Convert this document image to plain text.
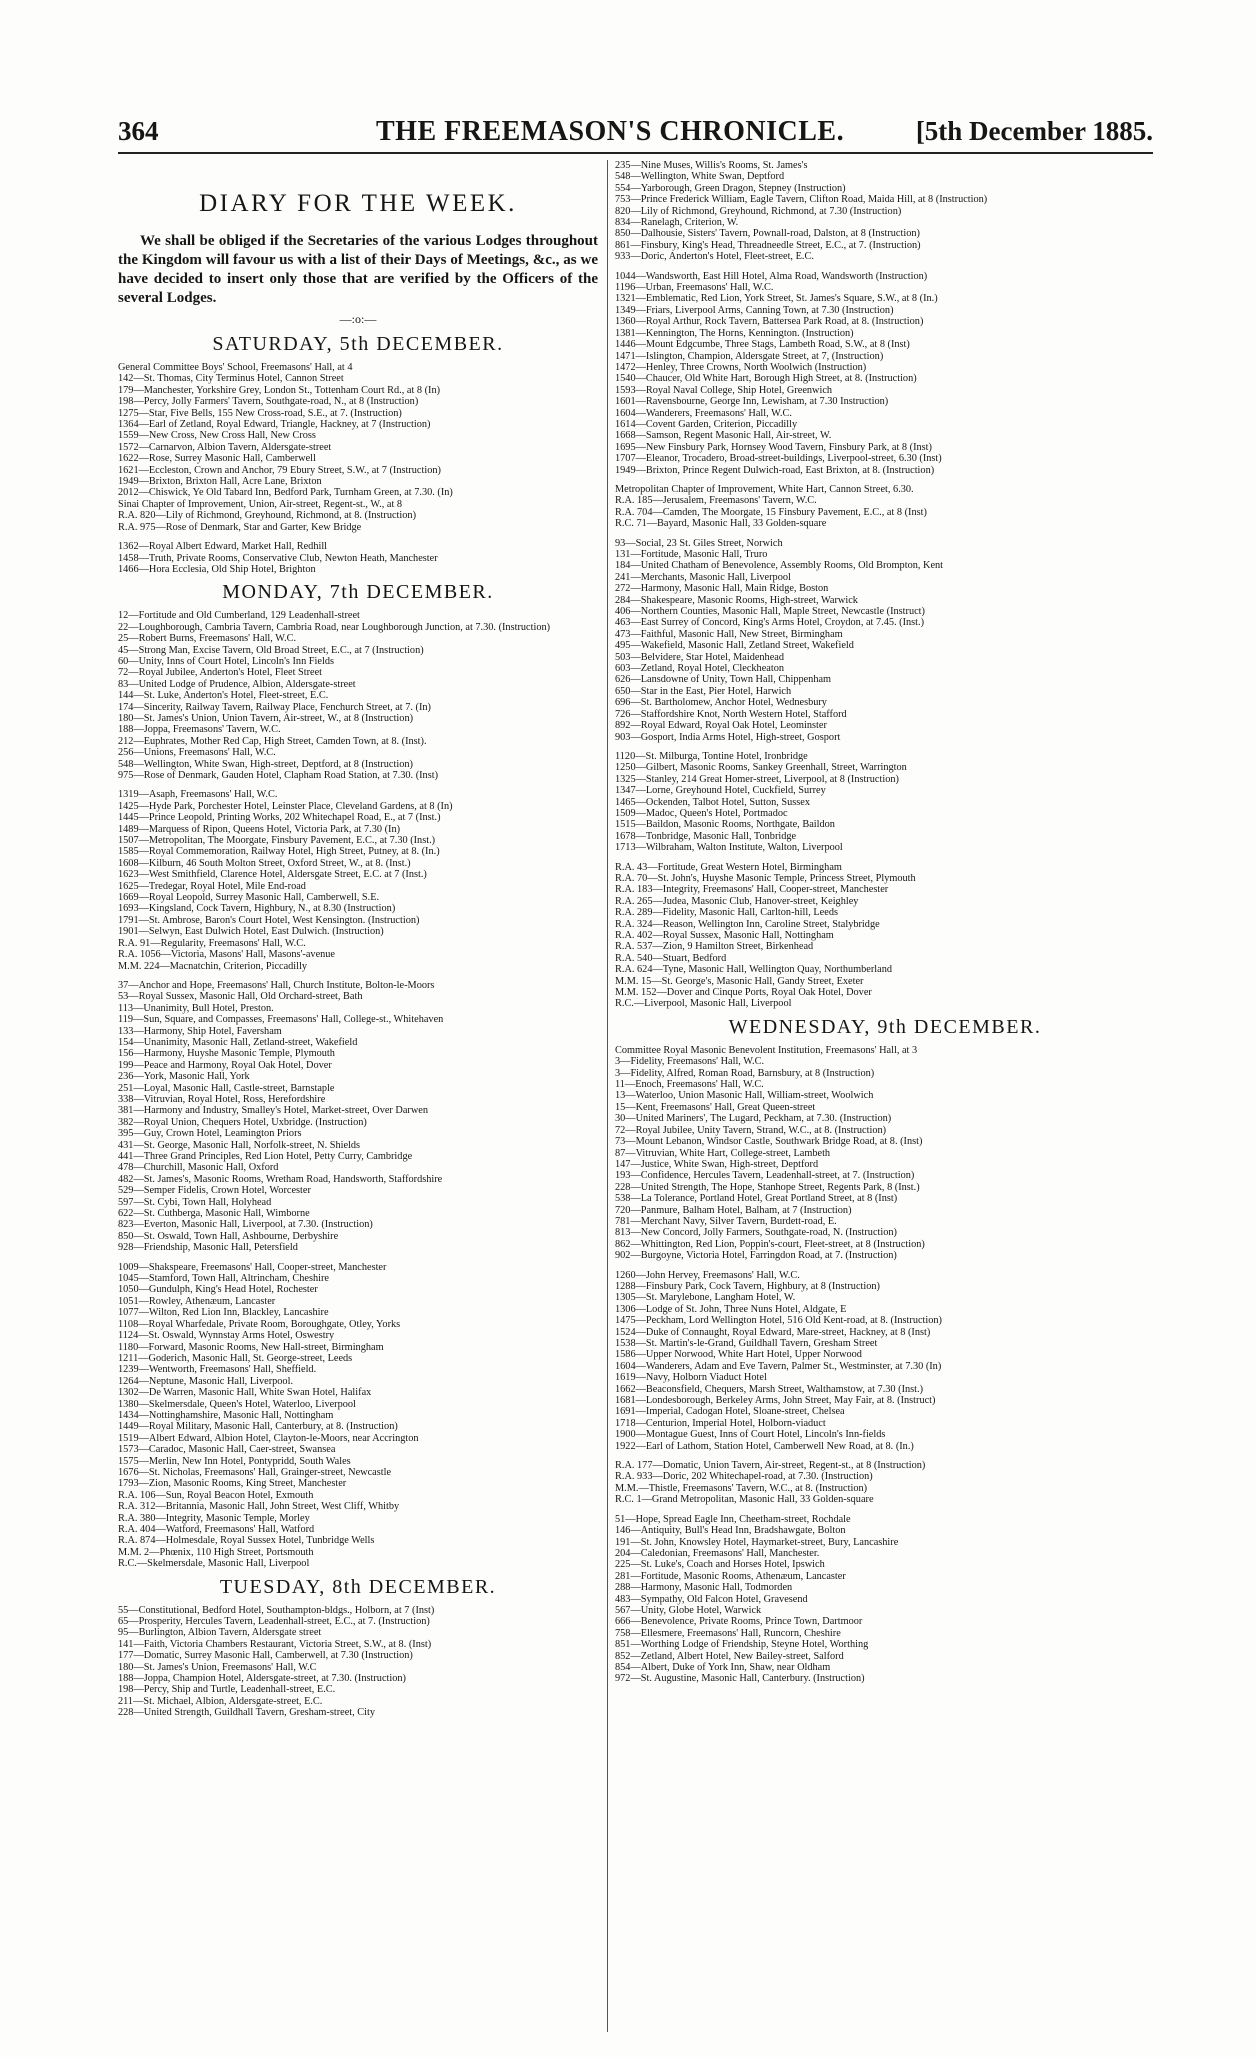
364	THE FREEMASON'S CHRONICLE.	[5th December 1885.
DIARY FOR THE WEEK.

We shall be obliged if the Secretaries of the various Lodges throughout the Kingdom will favour us with a list of their Days of Meetings, &c., as we have decided to insert only those that are verified by the Officers of the several Lodges.

—:o:—
SATURDAY, 5th DECEMBER.

General Committee Boys' School, Freemasons' Hall, at 4

142—St. Thomas, City Terminus Hotel, Cannon Street

179—Manchester, Yorkshire Grey, London St., Tottenham Court Rd., at 8 (In)

198—Percy, Jolly Farmers' Tavern, Southgate-road, N., at 8 (Instruction)

1275—Star, Five Bells, 155 New Cross-road, S.E., at 7. (Instruction)

1364—Earl of Zetland, Royal Edward, Triangle, Hackney, at 7 (Instruction)

1559—New Cross, New Cross Hall, New Cross

1572—Carnarvon, Albion Tavern, Aldersgate-street

1622—Rose, Surrey Masonic Hall, Camberwell

1621—Eccleston, Crown and Anchor, 79 Ebury Street, S.W., at 7 (Instruction)

1949—Brixton, Brixton Hall, Acre Lane, Brixton

2012—Chiswick, Ye Old Tabard Inn, Bedford Park, Turnham Green, at 7.30. (In)

Sinai Chapter of Improvement, Union, Air-street, Regent-st., W., at 8

R.A. 820—Lily of Richmond, Greyhound, Richmond, at 8. (Instruction)

R.A. 975—Rose of Denmark, Star and Garter, Kew Bridge

1362—Royal Albert Edward, Market Hall, Redhill

1458—Truth, Private Rooms, Conservative Club, Newton Heath, Manchester

1466—Hora Ecclesia, Old Ship Hotel, Brighton

MONDAY, 7th DECEMBER.

12—Fortitude and Old Cumberland, 129 Leadenhall-street

22—Loughborough, Cambria Tavern, Cambria Road, near Loughborough Junction, at 7.30. (Instruction)

25—Robert Burns, Freemasons' Hall, W.C.

45—Strong Man, Excise Tavern, Old Broad Street, E.C., at 7 (Instruction)

60—Unity, Inns of Court Hotel, Lincoln's Inn Fields

72—Royal Jubilee, Anderton's Hotel, Fleet Street

83—United Lodge of Prudence, Albion, Aldersgate-street

144—St. Luke, Anderton's Hotel, Fleet-street, E.C.

174—Sincerity, Railway Tavern, Railway Place, Fenchurch Street, at 7. (In)

180—St. James's Union, Union Tavern, Air-street, W., at 8 (Instruction)

188—Joppa, Freemasons' Tavern, W.C.

212—Euphrates, Mother Red Cap, High Street, Camden Town, at 8. (Inst).

256—Unions, Freemasons' Hall, W.C.

548—Wellington, White Swan, High-street, Deptford, at 8 (Instruction)

975—Rose of Denmark, Gauden Hotel, Clapham Road Station, at 7.30. (Inst)

1319—Asaph, Freemasons' Hall, W.C.

1425—Hyde Park, Porchester Hotel, Leinster Place, Cleveland Gardens, at 8 (In)

1445—Prince Leopold, Printing Works, 202 Whitechapel Road, E., at 7 (Inst.)

1489—Marquess of Ripon, Queens Hotel, Victoria Park, at 7.30 (In)

1507—Metropolitan, The Moorgate, Finsbury Pavement, E.C., at 7.30 (Inst.)

1585—Royal Commemoration, Railway Hotel, High Street, Putney, at 8. (In.)

1608—Kilburn, 46 South Molton Street, Oxford Street, W., at 8. (Inst.)

1623—West Smithfield, Clarence Hotel, Aldersgate Street, E.C. at 7 (Inst.)

1625—Tredegar, Royal Hotel, Mile End-road

1669—Royal Leopold, Surrey Masonic Hall, Camberwell, S.E.

1693—Kingsland, Cock Tavern, Highbury, N., at 8.30 (Instruction)

1791—St. Ambrose, Baron's Court Hotel, West Kensington. (Instruction)

1901—Selwyn, East Dulwich Hotel, East Dulwich. (Instruction)

R.A. 91—Regularity, Freemasons' Hall, W.C.

R.A. 1056—Victoria, Masons' Hall, Masons'-avenue

M.M. 224—Macnatchin, Criterion, Piccadilly

37—Anchor and Hope, Freemasons' Hall, Church Institute, Bolton-le-Moors

53—Royal Sussex, Masonic Hall, Old Orchard-street, Bath

113—Unanimity, Bull Hotel, Preston.

119—Sun, Square, and Compasses, Freemasons' Hall, College-st., Whitehaven

133—Harmony, Ship Hotel, Faversham

154—Unanimity, Masonic Hall, Zetland-street, Wakefield

156—Harmony, Huyshe Masonic Temple, Plymouth

199—Peace and Harmony, Royal Oak Hotel, Dover

236—York, Masonic Hall, York

251—Loyal, Masonic Hall, Castle-street, Barnstaple

338—Vitruvian, Royal Hotel, Ross, Herefordshire

381—Harmony and Industry, Smalley's Hotel, Market-street, Over Darwen

382—Royal Union, Chequers Hotel, Uxbridge. (Instruction)

395—Guy, Crown Hotel, Leamington Priors

431—St. George, Masonic Hall, Norfolk-street, N. Shields

441—Three Grand Principles, Red Lion Hotel, Petty Curry, Cambridge

478—Churchill, Masonic Hall, Oxford

482—St. James's, Masonic Rooms, Wretham Road, Handsworth, Staffordshire

529—Semper Fidelis, Crown Hotel, Worcester

597—St. Cybi, Town Hall, Holyhead

622—St. Cuthberga, Masonic Hall, Wimborne

823—Everton, Masonic Hall, Liverpool, at 7.30. (Instruction)

850—St. Oswald, Town Hall, Ashbourne, Derbyshire

928—Friendship, Masonic Hall, Petersfield

1009—Shakspeare, Freemasons' Hall, Cooper-street, Manchester

1045—Stamford, Town Hall, Altrincham, Cheshire

1050—Gundulph, King's Head Hotel, Rochester

1051—Rowley, Athenæum, Lancaster

1077—Wilton, Red Lion Inn, Blackley, Lancashire

1108—Royal Wharfedale, Private Room, Boroughgate, Otley, Yorks

1124—St. Oswald, Wynnstay Arms Hotel, Oswestry

1180—Forward, Masonic Rooms, New Hall-street, Birmingham

1211—Goderich, Masonic Hall, St. George-street, Leeds

1239—Wentworth, Freemasons' Hall, Sheffield.

1264—Neptune, Masonic Hall, Liverpool.

1302—De Warren, Masonic Hall, White Swan Hotel, Halifax

1380—Skelmersdale, Queen's Hotel, Waterloo, Liverpool

1434—Nottinghamshire, Masonic Hall, Nottingham

1449—Royal Military, Masonic Hall, Canterbury, at 8. (Instruction)

1519—Albert Edward, Albion Hotel, Clayton-le-Moors, near Accrington

1573—Caradoc, Masonic Hall, Caer-street, Swansea

1575—Merlin, New Inn Hotel, Pontypridd, South Wales

1676—St. Nicholas, Freemasons' Hall, Grainger-street, Newcastle

1793—Zion, Masonic Rooms, King Street, Manchester

R.A. 106—Sun, Royal Beacon Hotel, Exmouth

R.A. 312—Britannia, Masonic Hall, John Street, West Cliff, Whitby

R.A. 380—Integrity, Masonic Temple, Morley

R.A. 404—Watford, Freemasons' Hall, Watford

R.A. 874—Holmesdale, Royal Sussex Hotel, Tunbridge Wells

M.M. 2—Phœnix, 110 High Street, Portsmouth

R.C.—Skelmersdale, Masonic Hall, Liverpool

TUESDAY, 8th DECEMBER.

55—Constitutional, Bedford Hotel, Southampton-bldgs., Holborn, at 7 (Inst)

65—Prosperity, Hercules Tavern, Leadenhall-street, E.C., at 7. (Instruction)

95—Burlington, Albion Tavern, Aldersgate street

141—Faith, Victoria Chambers Restaurant, Victoria Street, S.W., at 8. (Inst)

177—Domatic, Surrey Masonic Hall, Camberwell, at 7.30 (Instruction)

180—St. James's Union, Freemasons' Hall, W.C

188—Joppa, Champion Hotel, Aldersgate-street, at 7.30. (Instruction)

198—Percy, Ship and Turtle, Leadenhall-street, E.C.

211—St. Michael, Albion, Aldersgate-street, E.C.

228—United Strength, Guildhall Tavern, Gresham-street, City

235—Nine Muses, Willis's Rooms, St. James's

548—Wellington, White Swan, Deptford

554—Yarborough, Green Dragon, Stepney (Instruction)

753—Prince Frederick William, Eagle Tavern, Clifton Road, Maida Hill, at 8 (Instruction)

820—Lily of Richmond, Greyhound, Richmond, at 7.30 (Instruction)

834—Ranelagh, Criterion, W.

850—Dalhousie, Sisters' Tavern, Pownall-road, Dalston, at 8 (Instruction)

861—Finsbury, King's Head, Threadneedle Street, E.C., at 7. (Instruction)

933—Doric, Anderton's Hotel, Fleet-street, E.C.

1044—Wandsworth, East Hill Hotel, Alma Road, Wandsworth (Instruction)

1196—Urban, Freemasons' Hall, W.C.

1321—Emblematic, Red Lion, York Street, St. James's Square, S.W., at 8 (In.)

1349—Friars, Liverpool Arms, Canning Town, at 7.30 (Instruction)

1360—Royal Arthur, Rock Tavern, Battersea Park Road, at 8. (Instruction)

1381—Kennington, The Horns, Kennington. (Instruction)

1446—Mount Edgcumbe, Three Stags, Lambeth Road, S.W., at 8 (Inst)

1471—Islington, Champion, Aldersgate Street, at 7, (Instruction)

1472—Henley, Three Crowns, North Woolwich (Instruction)

1540—Chaucer, Old White Hart, Borough High Street, at 8. (Instruction)

1593—Royal Naval College, Ship Hotel, Greenwich

1601—Ravensbourne, George Inn, Lewisham, at 7.30 Instruction)

1604—Wanderers, Freemasons' Hall, W.C.

1614—Covent Garden, Criterion, Piccadilly

1668—Samson, Regent Masonic Hall, Air-street, W.

1695—New Finsbury Park, Hornsey Wood Tavern, Finsbury Park, at 8 (Inst)

1707—Eleanor, Trocadero, Broad-street-buildings, Liverpool-street, 6.30 (Inst)

1949—Brixton, Prince Regent Dulwich-road, East Brixton, at 8. (Instruction)

Metropolitan Chapter of Improvement, White Hart, Cannon Street, 6.30.

R.A. 185—Jerusalem, Freemasons' Tavern, W.C.

R.A. 704—Camden, The Moorgate, 15 Finsbury Pavement, E.C., at 8 (Inst)

R.C. 71—Bayard, Masonic Hall, 33 Golden-square

93—Social, 23 St. Giles Street, Norwich

131—Fortitude, Masonic Hall, Truro

184—United Chatham of Benevolence, Assembly Rooms, Old Brompton, Kent

241—Merchants, Masonic Hall, Liverpool

272—Harmony, Masonic Hall, Main Ridge, Boston

284—Shakespeare, Masonic Rooms, High-street, Warwick

406—Northern Counties, Masonic Hall, Maple Street, Newcastle (Instruct)

463—East Surrey of Concord, King's Arms Hotel, Croydon, at 7.45. (Inst.)

473—Faithful, Masonic Hall, New Street, Birmingham

495—Wakefield, Masonic Hall, Zetland Street, Wakefield

503—Belvidere, Star Hotel, Maidenhead

603—Zetland, Royal Hotel, Cleckheaton

626—Lansdowne of Unity, Town Hall, Chippenham

650—Star in the East, Pier Hotel, Harwich

696—St. Bartholomew, Anchor Hotel, Wednesbury

726—Staffordshire Knot, North Western Hotel, Stafford

892—Royal Edward, Royal Oak Hotel, Leominster

903—Gosport, India Arms Hotel, High-street, Gosport

1120—St. Milburga, Tontine Hotel, Ironbridge

1250—Gilbert, Masonic Rooms, Sankey Greenhall, Street, Warrington

1325—Stanley, 214 Great Homer-street, Liverpool, at 8 (Instruction)

1347—Lorne, Greyhound Hotel, Cuckfield, Surrey

1465—Ockenden, Talbot Hotel, Sutton, Sussex

1509—Madoc, Queen's Hotel, Portmadoc

1515—Baildon, Masonic Rooms, Northgate, Baildon

1678—Tonbridge, Masonic Hall, Tonbridge

1713—Wilbraham, Walton Institute, Walton, Liverpool

R.A. 43—Fortitude, Great Western Hotel, Birmingham

R.A. 70—St. John's, Huyshe Masonic Temple, Princess Street, Plymouth

R.A. 183—Integrity, Freemasons' Hall, Cooper-street, Manchester

R.A. 265—Judea, Masonic Club, Hanover-street, Keighley

R.A. 289—Fidelity, Masonic Hall, Carlton-hill, Leeds

R.A. 324—Reason, Wellington Inn, Caroline Street, Stalybridge

R.A. 402—Royal Sussex, Masonic Hall, Nottingham

R.A. 537—Zion, 9 Hamilton Street, Birkenhead

R.A. 540—Stuart, Bedford

R.A. 624—Tyne, Masonic Hall, Wellington Quay, Northumberland

M.M. 15—St. George's, Masonic Hall, Gandy Street, Exeter

M.M. 152—Dover and Cinque Ports, Royal Oak Hotel, Dover

R.C.—Liverpool, Masonic Hall, Liverpool

WEDNESDAY, 9th DECEMBER.

Committee Royal Masonic Benevolent Institution, Freemasons' Hall, at 3

3—Fidelity, Freemasons' Hall, W.C.

3—Fidelity, Alfred, Roman Road, Barnsbury, at 8 (Instruction)

11—Enoch, Freemasons' Hall, W.C.

13—Waterloo, Union Masonic Hall, William-street, Woolwich

15—Kent, Freemasons' Hall, Great Queen-street

30—United Mariners', The Lugard, Peckham, at 7.30. (Instruction)

72—Royal Jubilee, Unity Tavern, Strand, W.C., at 8. (Instruction)

73—Mount Lebanon, Windsor Castle, Southwark Bridge Road, at 8. (Inst)

87—Vitruvian, White Hart, College-street, Lambeth

147—Justice, White Swan, High-street, Deptford

193—Confidence, Hercules Tavern, Leadenhall-street, at 7. (Instruction)

228—United Strength, The Hope, Stanhope Street, Regents Park, 8 (Inst.)

538—La Tolerance, Portland Hotel, Great Portland Street, at 8 (Inst)

720—Panmure, Balham Hotel, Balham, at 7 (Instruction)

781—Merchant Navy, Silver Tavern, Burdett-road, E.

813—New Concord, Jolly Farmers, Southgate-road, N. (Instruction)

862—Whittington, Red Lion, Poppin's-court, Fleet-street, at 8 (Instruction)

902—Burgoyne, Victoria Hotel, Farringdon Road, at 7. (Instruction)

1260—John Hervey, Freemasons' Hall, W.C.

1288—Finsbury Park, Cock Tavern, Highbury, at 8 (Instruction)

1305—St. Marylebone, Langham Hotel, W.

1306—Lodge of St. John, Three Nuns Hotel, Aldgate, E

1475—Peckham, Lord Wellington Hotel, 516 Old Kent-road, at 8. (Instruction)

1524—Duke of Connaught, Royal Edward, Mare-street, Hackney, at 8 (Inst)

1538—St. Martin's-le-Grand, Guildhall Tavern, Gresham Street

1586—Upper Norwood, White Hart Hotel, Upper Norwood

1604—Wanderers, Adam and Eve Tavern, Palmer St., Westminster, at 7.30 (In)

1619—Navy, Holborn Viaduct Hotel

1662—Beaconsfield, Chequers, Marsh Street, Walthamstow, at 7.30 (Inst.)

1681—Londesborough, Berkeley Arms, John Street, May Fair, at 8. (Instruct)

1691—Imperial, Cadogan Hotel, Sloane-street, Chelsea

1718—Centurion, Imperial Hotel, Holborn-viaduct

1900—Montague Guest, Inns of Court Hotel, Lincoln's Inn-fields

1922—Earl of Lathom, Station Hotel, Camberwell New Road, at 8. (In.)

R.A. 177—Domatic, Union Tavern, Air-street, Regent-st., at 8 (Instruction)

R.A. 933—Doric, 202 Whitechapel-road, at 7.30. (Instruction)

M.M.—Thistle, Freemasons' Tavern, W.C., at 8. (Instruction)

R.C. 1—Grand Metropolitan, Masonic Hall, 33 Golden-square

51—Hope, Spread Eagle Inn, Cheetham-street, Rochdale

146—Antiquity, Bull's Head Inn, Bradshawgate, Bolton

191—St. John, Knowsley Hotel, Haymarket-street, Bury, Lancashire

204—Caledonian, Freemasons' Hall, Manchester.

225—St. Luke's, Coach and Horses Hotel, Ipswich

281—Fortitude, Masonic Rooms, Athenæum, Lancaster

288—Harmony, Masonic Hall, Todmorden

483—Sympathy, Old Falcon Hotel, Gravesend

567—Unity, Globe Hotel, Warwick

666—Benevolence, Private Rooms, Prince Town, Dartmoor

758—Ellesmere, Freemasons' Hall, Runcorn, Cheshire

851—Worthing Lodge of Friendship, Steyne Hotel, Worthing

852—Zetland, Albert Hotel, New Bailey-street, Salford

854—Albert, Duke of York Inn, Shaw, near Oldham

972—St. Augustine, Masonic Hall, Canterbury. (Instruction)
